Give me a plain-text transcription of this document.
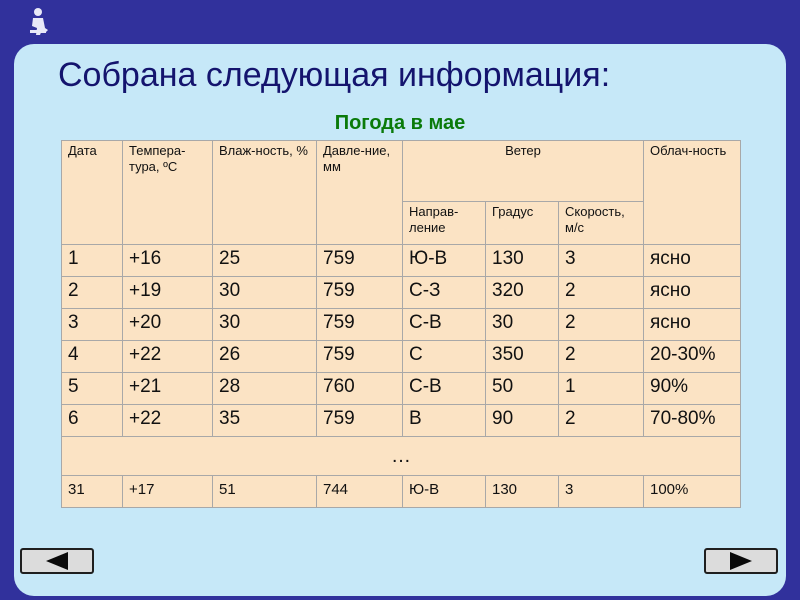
Собрана следующая информация:
Погода в мае
Дата	Темпера-тура, ºС	Влаж-ность, %	Давле-ние, мм	Ветер			Облач-ность
				Направ-ление	Градус	Скорость, м/с	
1	+16	25	759	Ю-В	130	3	ясно
2	+19	30	759	С-З	320	2	ясно
3	+20	30	759	С-В	30	2	ясно
4	+22	26	759	С	350	2	20-30%
5	+21	28	760	С-В	50	1	90%
6	+22	35	759	В	90	2	70-80%
…							
31	+17	51	744	Ю-В	130	3	100%
